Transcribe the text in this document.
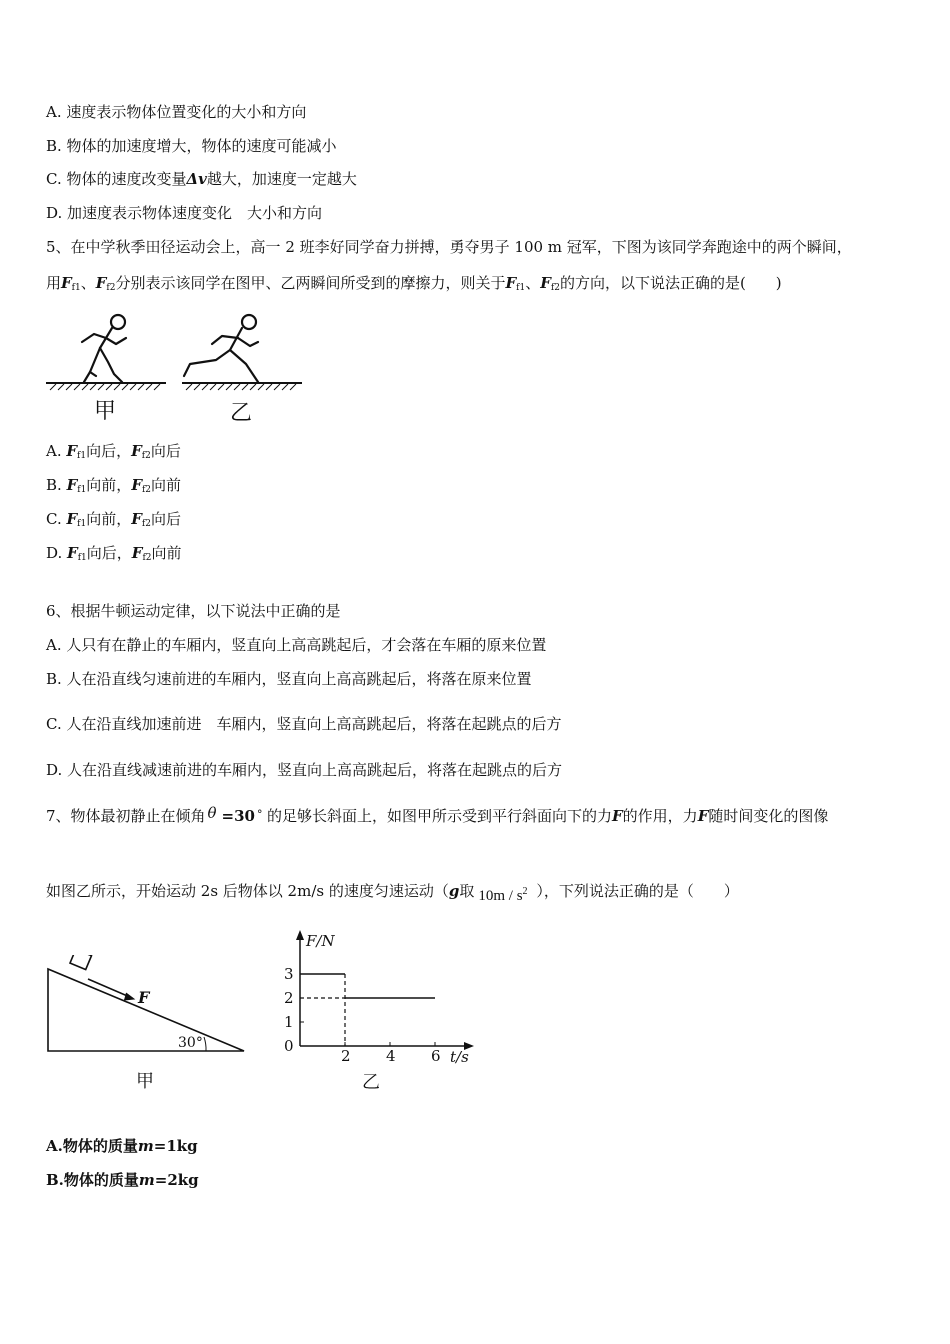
A. 速度表示物体位置变化的大小和方向
B. 物体的加速度增大，物体的速度可能减小
C. 物体的速度改变量Δv越大，加速度一定越大
D. 加速度表示物体速度变化　大小和方向
5、在中学秋季田径运动会上，高一 2 班李好同学奋力拼搏，勇夺男子 100 m 冠军，下图为该同学奔跑途中的两个瞬间，
用$F_{f1}$、$F_{f2}$分别表示该同学在图甲、乙两瞬间所受到的摩擦力，则关于$F_{f1}$、$F_{f2}$的方向，以下说法正确的是(　　)
甲	乙
A. $F_{f1}$向后，$F_{f2}$向后
B. $F_{f1}$向前，$F_{f2}$向前
C. $F_{f1}$向前，$F_{f2}$向后
D. $F_{f1}$向后，$F_{f2}$向前
6、根据牛顿运动定律，以下说法中正确的是
A. 人只有在静止的车厢内，竖直向上高高跳起后，才会落在车厢的原来位置
B. 人在沿直线匀速前进的车厢内，竖直向上高高跳起后，将落在原来位置
C. 人在沿直线加速前进　车厢内，竖直向上高高跳起后，将落在起跳点的后方
D. 人在沿直线减速前进的车厢内，竖直向上高高跳起后，将落在起跳点的后方
7、物体最初静止在倾角 θ =30 ° 的足够长斜面上，如图甲所示受到平行斜面向下的力F的作用，力F随时间变化的图像
如图乙所示，开始运动 2s 后物体以 2m/s 的速度匀速运动（g取 $10m / s^2$ ），下列说法正确的是（　　）
F
30°
甲
F/N
t/s
0
2 4 6
1
2
3
乙
A.物体的质量m=1kg
B.物体的质量m=2kg
